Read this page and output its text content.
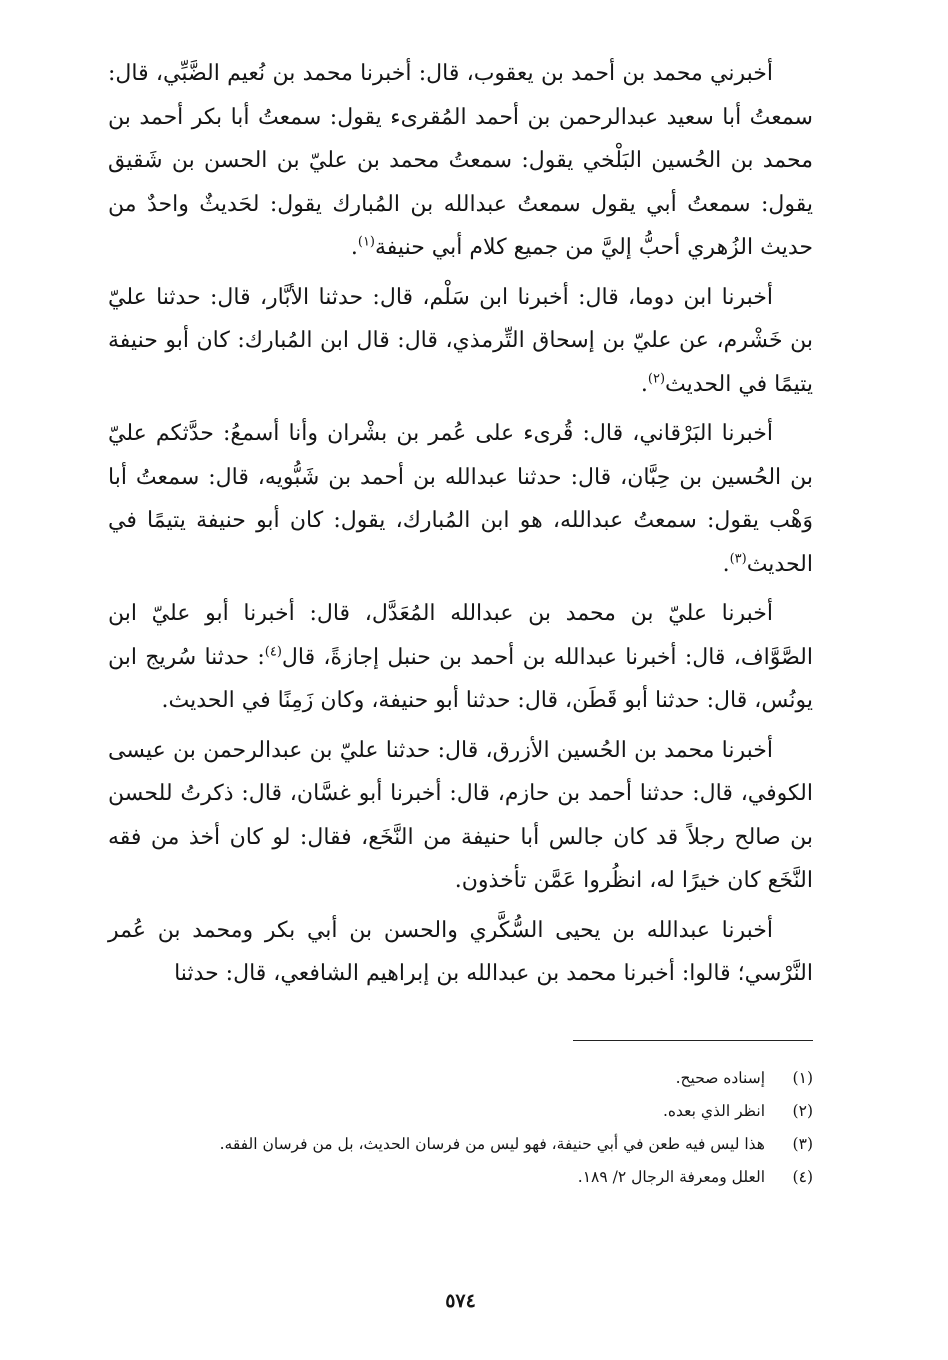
أخبرني محمد بن أحمد بن يعقوب، قال: أخبرنا محمد بن نُعيم الضَّبِّي، قال: سمعتُ أبا سعيد عبدالرحمن بن أحمد المُقرىء يقول: سمعتُ أبا بكر أحمد بن محمد بن الحُسين البَلْخي يقول: سمعتُ محمد بن عليّ بن الحسن بن شَقيق يقول: سمعتُ أبي يقول سمعتُ عبدالله بن المُبارك يقول: لحَديثٌ واحدٌ من حديث الزُهري أحبُّ إليَّ من جميع كلام أبي حنيفة$^{(١)}$.

أخبرنا ابن دوما، قال: أخبرنا ابن سَلْم، قال: حدثنا الأبَّار، قال: حدثنا عليّ بن خَشْرم، عن عليّ بن إسحاق التِّرمذي، قال: قال ابن المُبارك: كان أبو حنيفة يتيمًا في الحديث$^{(٢)}$.

أخبرنا البَرْقاني، قال: قُرىء على عُمر بن بشْران وأنا أسمعُ: حدَّثكم عليّ بن الحُسين بن حِبَّان، قال: حدثنا عبدالله بن أحمد بن شَبُّويه، قال: سمعتُ أبا وَهْب يقول: سمعتُ عبدالله، هو ابن المُبارك، يقول: كان أبو حنيفة يتيمًا في الحديث$^{(٣)}$.

أخبرنا عليّ بن محمد بن عبدالله المُعَدَّل، قال: أخبرنا أبو عليّ ابن الصَّوَّاف، قال: أخبرنا عبدالله بن أحمد بن حنبل إجازةً، قال$^{(٤)}$: حدثنا سُريج ابن يونُس، قال: حدثنا أبو قَطَن، قال: حدثنا أبو حنيفة، وكان زَمِنًا في الحديث.

أخبرنا محمد بن الحُسين الأزرق، قال: حدثنا عليّ بن عبدالرحمن بن عيسى الكوفي، قال: حدثنا أحمد بن حازم، قال: أخبرنا أبو غسَّان، قال: ذكرتُ للحسن بن صالح رجلاً قد كان جالس أبا حنيفة من النَّخَع، فقال: لو كان أخذ من فقه النَّخَع كان خيرًا له، انظُروا عَمَّن تأخذون.

أخبرنا عبدالله بن يحيى السُّكَّري والحسن بن أبي بكر ومحمد بن عُمر النَّرْسي؛ قالوا: أخبرنا محمد بن عبدالله بن إبراهيم الشافعي، قال: حدثنا

(١)
إسناده صحيح.
(٢)
انظر الذي بعده.
(٣)
هذا ليس فيه طعن في أبي حنيفة، فهو ليس من فرسان الحديث، بل من فرسان الفقه.
(٤)
العلل ومعرفة الرجال ٢/ ١٨٩.
٥٧٤
